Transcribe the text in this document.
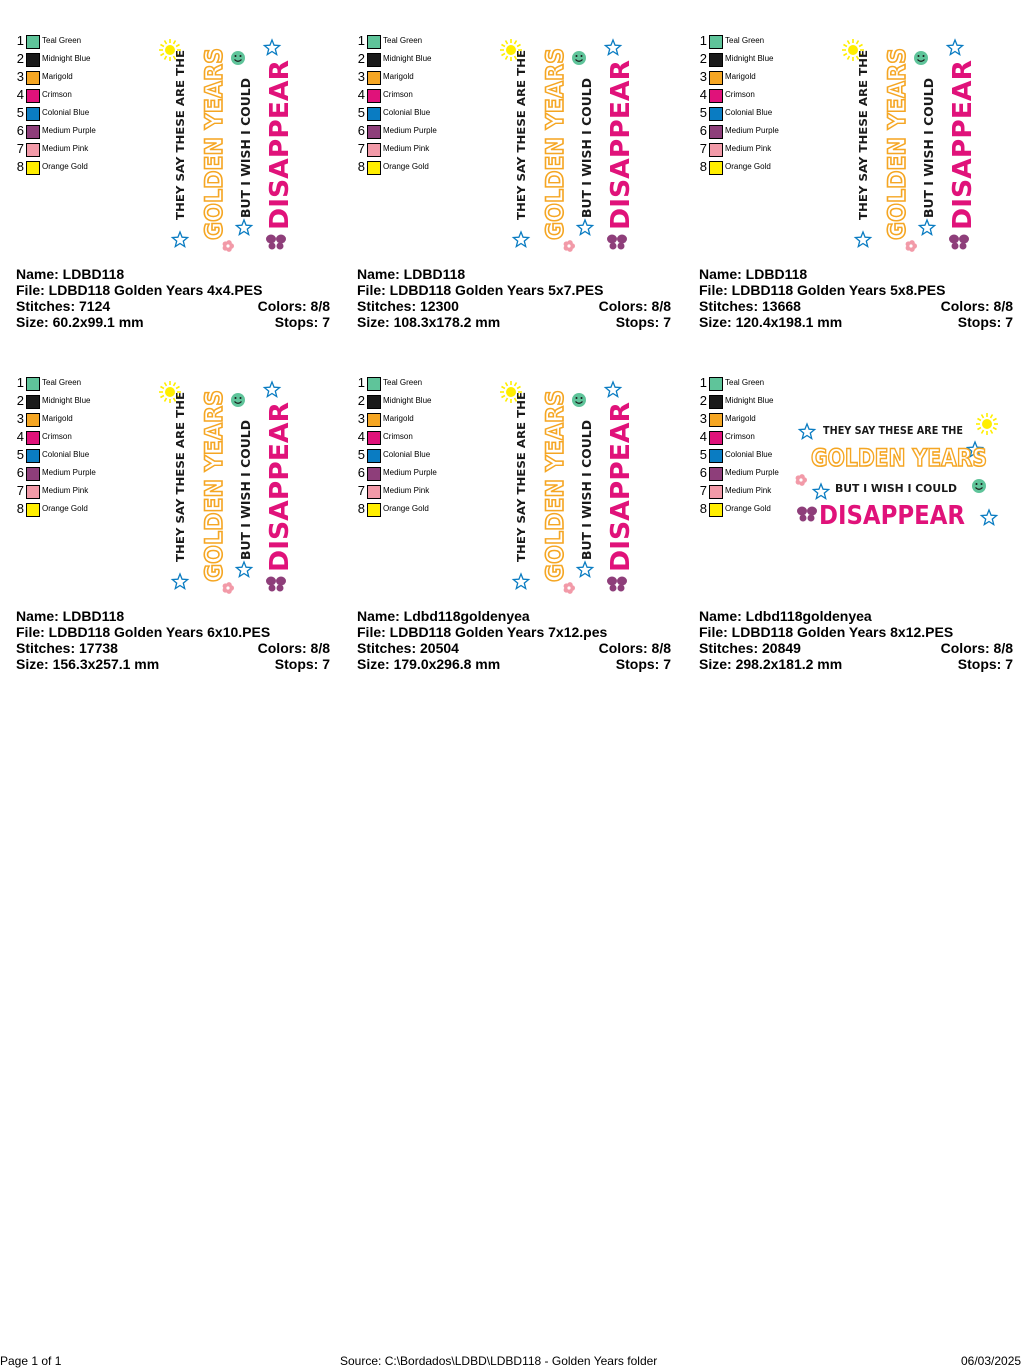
1 Teal Green
2 Midnight Blue
3 Marigold
4 Crimson
5 Colonial Blue
6 Medium Purple
7 Medium Pink
8 Orange Gold	THEY SAY THESE ARE THE GOLDEN YEARS BUT I WISH I COULD DISAPPEAR
Name: LDBD118
File: LDBD118 Golden Years 4x4.PES
Stitches: 7124	Colors: 8/8
Size: 60.2x99.1 mm	Stops: 7
1 Teal Green
2 Midnight Blue
3 Marigold
4 Crimson
5 Colonial Blue
6 Medium Purple
7 Medium Pink
8 Orange Gold	THEY SAY THESE ARE THE GOLDEN YEARS BUT I WISH I COULD DISAPPEAR
Name: LDBD118
File: LDBD118 Golden Years 5x7.PES
Stitches: 12300	Colors: 8/8
Size: 108.3x178.2 mm	Stops: 7
1 Teal Green
2 Midnight Blue
3 Marigold
4 Crimson
5 Colonial Blue
6 Medium Purple
7 Medium Pink
8 Orange Gold	THEY SAY THESE ARE THE GOLDEN YEARS BUT I WISH I COULD DISAPPEAR
Name: LDBD118
File: LDBD118 Golden Years 5x8.PES
Stitches: 13668	Colors: 8/8
Size: 120.4x198.1 mm	Stops: 7
1 Teal Green
2 Midnight Blue
3 Marigold
4 Crimson
5 Colonial Blue
6 Medium Purple
7 Medium Pink
8 Orange Gold	THEY SAY THESE ARE THE GOLDEN YEARS BUT I WISH I COULD DISAPPEAR
Name: LDBD118
File: LDBD118 Golden Years 6x10.PES
Stitches: 17738	Colors: 8/8
Size: 156.3x257.1 mm	Stops: 7
1 Teal Green
2 Midnight Blue
3 Marigold
4 Crimson
5 Colonial Blue
6 Medium Purple
7 Medium Pink
8 Orange Gold	THEY SAY THESE ARE THE GOLDEN YEARS BUT I WISH I COULD DISAPPEAR
Name: Ldbd118goldenyea
File: LDBD118 Golden Years 7x12.pes
Stitches: 20504	Colors: 8/8
Size: 179.0x296.8 mm	Stops: 7
1 Teal Green
2 Midnight Blue
3 Marigold
4 Crimson
5 Colonial Blue
6 Medium Purple
7 Medium Pink
8 Orange Gold
THEY SAY THESE ARE THE
GOLDEN YEARS
BUT I WISH I COULD
DISAPPEAR
Name: Ldbd118goldenyea
File: LDBD118 Golden Years 8x12.PES
Stitches: 20849	Colors: 8/8
Size: 298.2x181.2 mm	Stops: 7
Page 1 of 1	Source: C:\Bordados\LDBD\LDBD118 - Golden Years folder	06/03/2025
